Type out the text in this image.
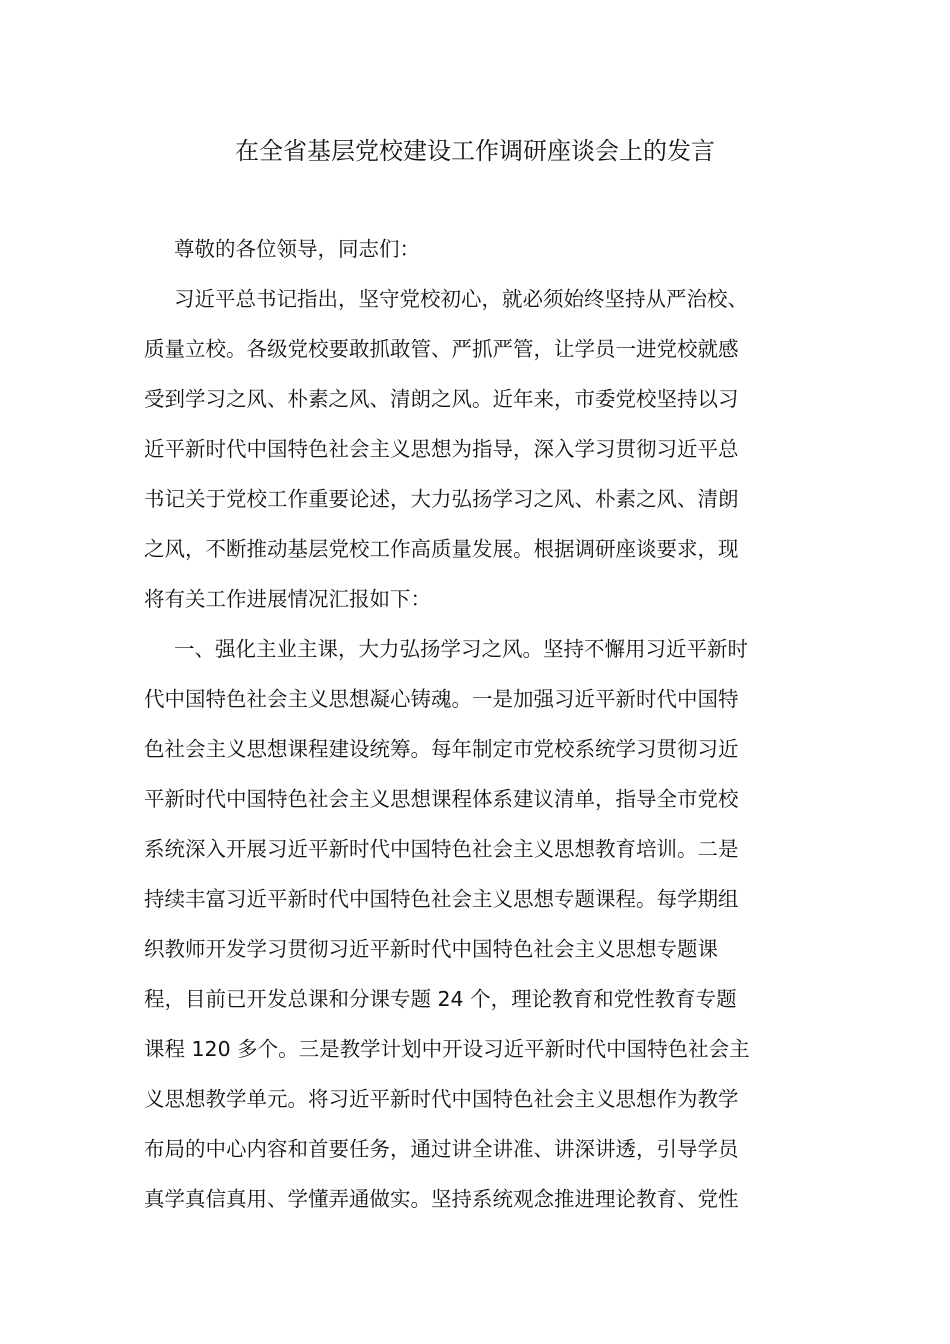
在全省基层党校建设工作调研座谈会上的发言
尊敬的各位领导，同志们：
习近平总书记指出，坚守党校初心，就必须始终坚持从严治校、
质量立校。各级党校要敢抓敢管、严抓严管，让学员一进党校就感
受到学习之风、朴素之风、清朗之风。近年来，市委党校坚持以习
近平新时代中国特色社会主义思想为指导，深入学习贯彻习近平总
书记关于党校工作重要论述，大力弘扬学习之风、朴素之风、清朗
之风，不断推动基层党校工作高质量发展。根据调研座谈要求，现
将有关工作进展情况汇报如下：
一、强化主业主课，大力弘扬学习之风。坚持不懈用习近平新时
代中国特色社会主义思想凝心铸魂。一是加强习近平新时代中国特
色社会主义思想课程建设统筹。每年制定市党校系统学习贯彻习近
平新时代中国特色社会主义思想课程体系建议清单，指导全市党校
系统深入开展习近平新时代中国特色社会主义思想教育培训。二是
持续丰富习近平新时代中国特色社会主义思想专题课程。每学期组
织教师开发学习贯彻习近平新时代中国特色社会主义思想专题课
程，目前已开发总课和分课专题 24 个，理论教育和党性教育专题
课程 120 多个。三是教学计划中开设习近平新时代中国特色社会主
义思想教学单元。将习近平新时代中国特色社会主义思想作为教学
布局的中心内容和首要任务，通过讲全讲准、讲深讲透，引导学员
真学真信真用、学懂弄通做实。坚持系统观念推进理论教育、党性
